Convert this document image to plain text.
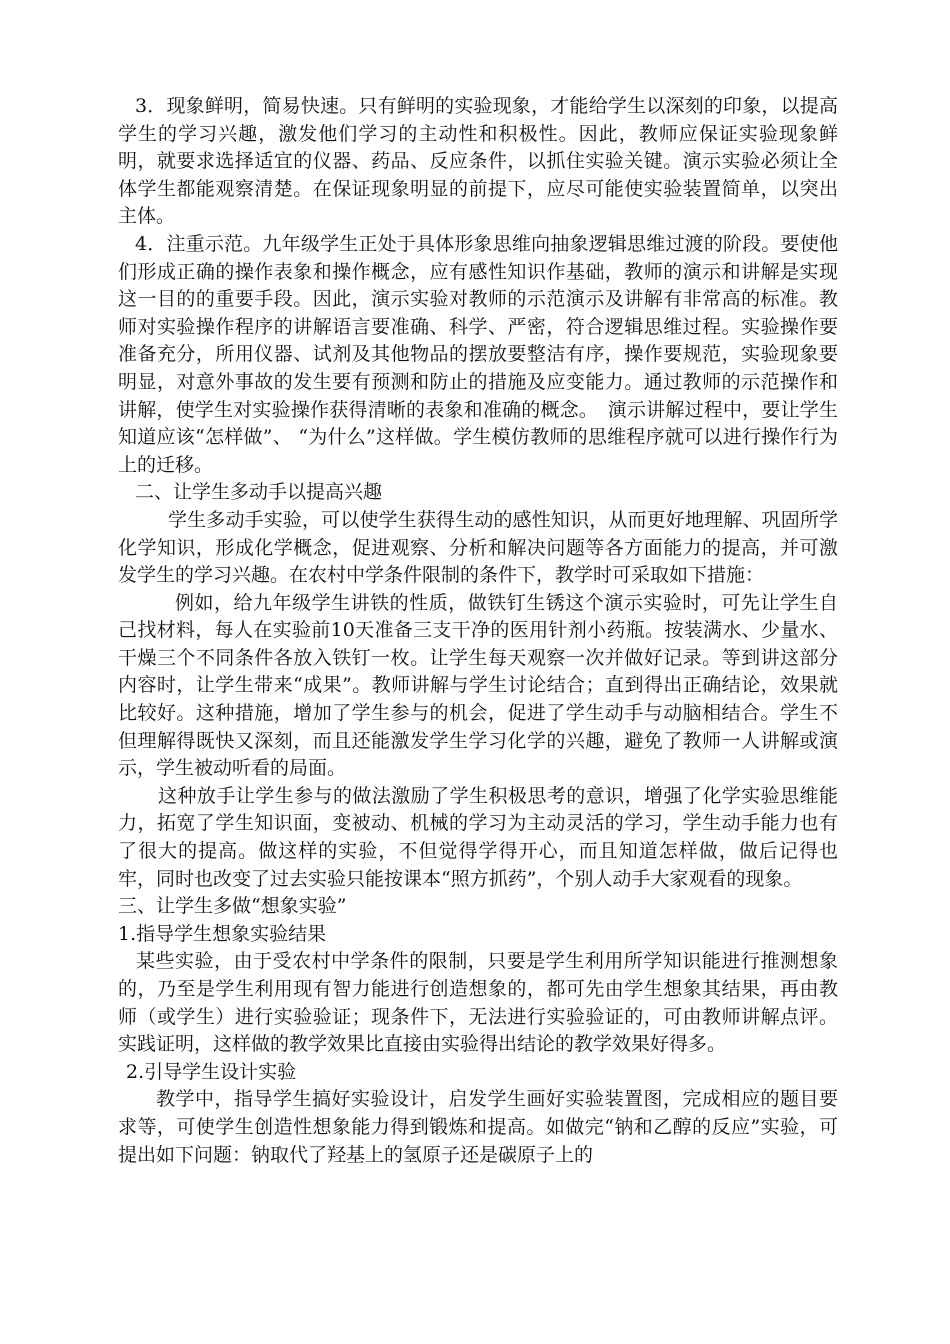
3．现象鲜明，简易快速。只有鲜明的实验现象，才能给学生以深刻的印象，以提高学生的学习兴趣，激发他们学习的主动性和积极性。因此，教师应保证实验现象鲜明，就要求选择适宜的仪器、药品、反应条件，以抓住实验关键。演示实验必须让全体学生都能观察清楚。在保证现象明显的前提下，应尽可能使实验装置简单，以突出主体。

4．注重示范。九年级学生正处于具体形象思维向抽象逻辑思维过渡的阶段。要使他们形成正确的操作表象和操作概念，应有感性知识作基础，教师的演示和讲解是实现这一目的的重要手段。因此，演示实验对教师的示范演示及讲解有非常高的标准。教师对实验操作程序的讲解语言要准确、科学、严密，符合逻辑思维过程。实验操作要准备充分，所用仪器、试剂及其他物品的摆放要整洁有序，操作要规范，实验现象要明显，对意外事故的发生要有预测和防止的措施及应变能力。通过教师的示范操作和讲解，使学生对实验操作获得清晰的表象和准确的概念。　演示讲解过程中，要让学生知道应该“怎样做”、 “为什么”这样做。学生模仿教师的思维程序就可以进行操作行为上的迁移。

二、让学生多动手以提高兴趣

学生多动手实验，可以使学生获得生动的感性知识，从而更好地理解、巩固所学化学知识，形成化学概念，促进观察、分析和解决问题等各方面能力的提高，并可激发学生的学习兴趣。在农村中学条件限制的条件下，教学时可采取如下措施：

例如，给九年级学生讲铁的性质，做铁钉生锈这个演示实验时，可先让学生自己找材料，每人在实验前10天准备三支干净的医用针剂小药瓶。按装满水、少量水、干燥三个不同条件各放入铁钉一枚。让学生每天观察一次并做好记录。等到讲这部分内容时，让学生带来“成果”。教师讲解与学生讨论结合；直到得出正确结论，效果就比较好。这种措施，增加了学生参与的机会，促进了学生动手与动脑相结合。学生不但理解得既快又深刻，而且还能激发学生学习化学的兴趣，避免了教师一人讲解或演示，学生被动听看的局面。

这种放手让学生参与的做法激励了学生积极思考的意识，增强了化学实验思维能力，拓宽了学生知识面，变被动、机械的学习为主动灵活的学习，学生动手能力也有了很大的提高。做这样的实验，不但觉得学得开心，而且知道怎样做，做后记得也牢，同时也改变了过去实验只能按课本“照方抓药”，个别人动手大家观看的现象。

三、让学生多做“想象实验”

1.指导学生想象实验结果

某些实验，由于受农村中学条件的限制，只要是学生利用所学知识能进行推测想象的，乃至是学生利用现有智力能进行创造想象的，都可先由学生想象其结果，再由教师（或学生）进行实验验证；现条件下，无法进行实验验证的，可由教师讲解点评。实践证明，这样做的教学效果比直接由实验得出结论的教学效果好得多。

2.引导学生设计实验

教学中，指导学生搞好实验设计，启发学生画好实验装置图，完成相应的题目要求等，可使学生创造性想象能力得到锻炼和提高。如做完“钠和乙醇的反应”实验，可提出如下问题：钠取代了羟基上的氢原子还是碳原子上的
